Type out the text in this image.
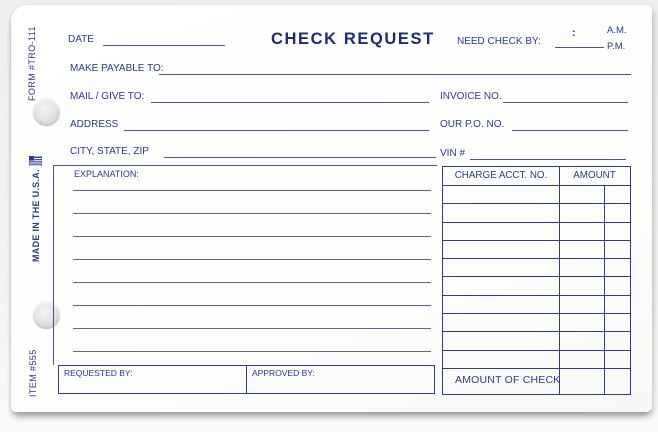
FORM #TRO-111
MADE IN THE U.S.A.
ITEM #555
DATE	CHECK REQUEST NEED CHECK BY:
:	A.M.
P.M.
MAKE PAYABLE TO:
MAIL / GIVE TO:	INVOICE NO.
ADDRESS	OUR P.O. NO.
CITY, STATE, ZIP	VIN #
EXPLANATION:
REQUESTED BY:	APPROVED BY:
CHARGE ACCT. NO.	AMOUNT
AMOUNT OF CHECK
